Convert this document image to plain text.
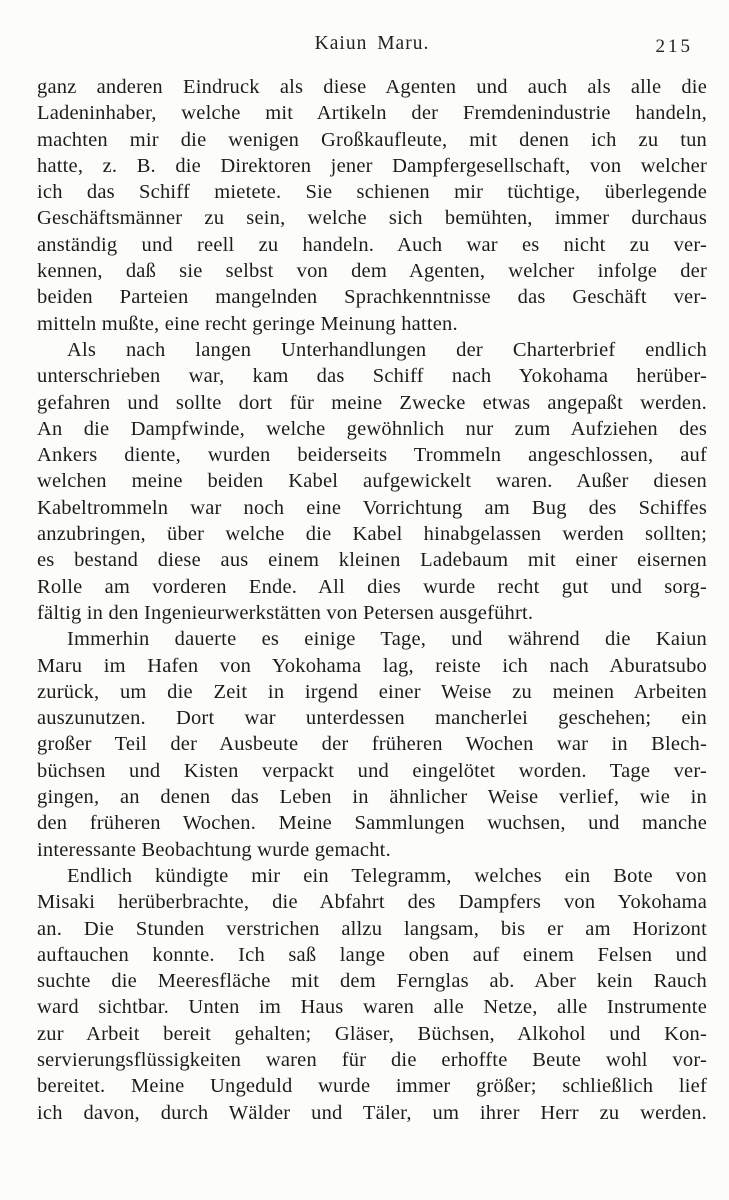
Kaiun Maru.	215
ganz anderen Eindruck als diese Agenten und auch als alle die
Ladeninhaber, welche mit Artikeln der Fremdenindustrie handeln,
machten mir die wenigen Großkaufleute, mit denen ich zu tun
hatte, z. B. die Direktoren jener Dampfergesellschaft, von welcher
ich das Schiff mietete. Sie schienen mir tüchtige, überlegende
Geschäftsmänner zu sein, welche sich bemühten, immer durchaus
anständig und reell zu handeln. Auch war es nicht zu ver-
kennen, daß sie selbst von dem Agenten, welcher infolge der
beiden Parteien mangelnden Sprachkenntnisse das Geschäft ver-
mitteln mußte, eine recht geringe Meinung hatten.
Als nach langen Unterhandlungen der Charterbrief endlich
unterschrieben war, kam das Schiff nach Yokohama herüber-
gefahren und sollte dort für meine Zwecke etwas angepaßt werden.
An die Dampfwinde, welche gewöhnlich nur zum Aufziehen des
Ankers diente, wurden beiderseits Trommeln angeschlossen, auf
welchen meine beiden Kabel aufgewickelt waren. Außer diesen
Kabeltrommeln war noch eine Vorrichtung am Bug des Schiffes
anzubringen, über welche die Kabel hinabgelassen werden sollten;
es bestand diese aus einem kleinen Ladebaum mit einer eisernen
Rolle am vorderen Ende. All dies wurde recht gut und sorg-
fältig in den Ingenieurwerkstätten von Petersen ausgeführt.
Immerhin dauerte es einige Tage, und während die Kaiun
Maru im Hafen von Yokohama lag, reiste ich nach Aburatsubo
zurück, um die Zeit in irgend einer Weise zu meinen Arbeiten
auszunutzen. Dort war unterdessen mancherlei geschehen; ein
großer Teil der Ausbeute der früheren Wochen war in Blech-
büchsen und Kisten verpackt und eingelötet worden. Tage ver-
gingen, an denen das Leben in ähnlicher Weise verlief, wie in
den früheren Wochen. Meine Sammlungen wuchsen, und manche
interessante Beobachtung wurde gemacht.
Endlich kündigte mir ein Telegramm, welches ein Bote von
Misaki herüberbrachte, die Abfahrt des Dampfers von Yokohama
an. Die Stunden verstrichen allzu langsam, bis er am Horizont
auftauchen konnte. Ich saß lange oben auf einem Felsen und
suchte die Meeresfläche mit dem Fernglas ab. Aber kein Rauch
ward sichtbar. Unten im Haus waren alle Netze, alle Instrumente
zur Arbeit bereit gehalten; Gläser, Büchsen, Alkohol und Kon-
servierungsflüssigkeiten waren für die erhoffte Beute wohl vor-
bereitet. Meine Ungeduld wurde immer größer; schließlich lief
ich davon, durch Wälder und Täler, um ihrer Herr zu werden.
